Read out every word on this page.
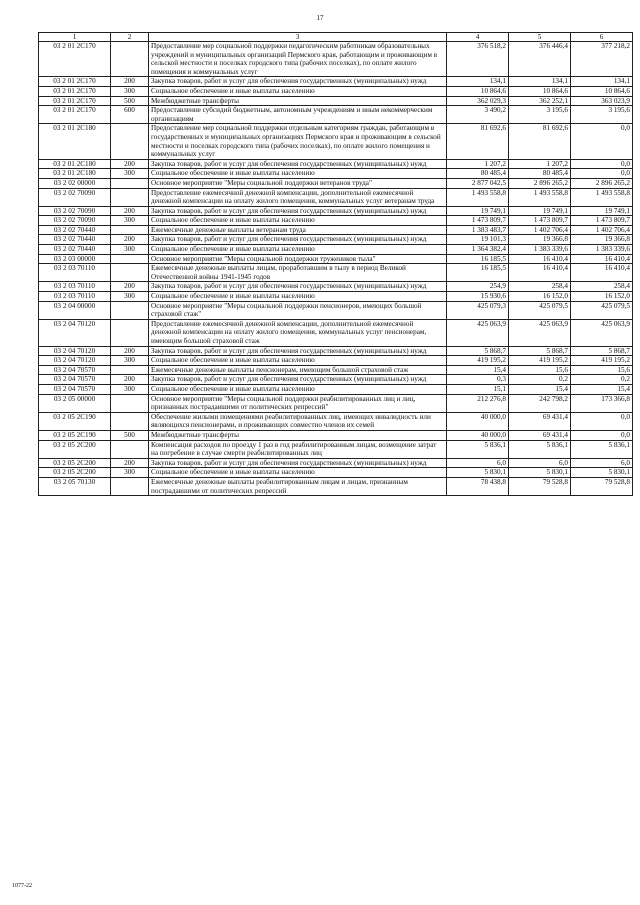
17
1	2	3	4	5	6
03 2 01 2С170		Предоставление мер социальной поддержки педагогическим работникам образовательных учреждений и муниципальных организаций Пермского края, работающим и проживающим в сельской местности и поселках городского типа (рабочих поселках), по оплате жилого помещения и коммунальных услуг	376 518,2	376 446,4	377 218,2
03 2 01 2С170	200	Закупка товаров, работ и услуг для обеспечения государственных (муниципальных) нужд	134,1	134,1	134,1
03 2 01 2С170	300	Социальное обеспечение и иные выплаты населению	10 864,6	10 864,6	10 864,6
03 2 01 2С170	500	Межбюджетные трансферты	362 029,3	362 252,1	363 023,9
03 2 01 2С170	600	Предоставление субсидий бюджетным, автономным учреждениям и иным некоммерческим организациям	3 490,2	3 195,6	3 195,6
03 2 01 2С180		Предоставление мер социальной поддержки отдельным категориям граждан, работающим в государственных и муниципальных организациях Пермского края и проживающим в сельской местности и поселках городского типа (рабочих поселках), по оплате жилого помещения и коммунальных услуг	81 692,6	81 692,6	0,0
03 2 01 2С180	200	Закупка товаров, работ и услуг для обеспечения государственных (муниципальных) нужд	1 207,2	1 207,2	0,0
03 2 01 2С180	300	Социальное обеспечение и иные выплаты населению	80 485,4	80 485,4	0,0
03 2 02 00000		Основное мероприятие "Меры социальной поддержки ветеранов труда"	2 877 042,5	2 896 265,2	2 896 265,2
03 2 02 70090		Предоставление ежемесячной денежной компенсации, дополнительной ежемесячной денежной компенсации на оплату жилого помещения, коммунальных услуг ветеранам труда	1 493 558,8	1 493 558,8	1 493 558,8
03 2 02 70090	200	Закупка товаров, работ и услуг для обеспечения государственных (муниципальных) нужд	19 749,1	19 749,1	19 749,1
03 2 02 70090	300	Социальное обеспечение и иные выплаты населению	1 473 809,7	1 473 809,7	1 473 809,7
03 2 02 70440		Ежемесячные денежные выплаты ветеранам труда	1 383 483,7	1 402 706,4	1 402 706,4
03 2 02 70440	200	Закупка товаров, работ и услуг для обеспечения государственных (муниципальных) нужд	19 101,3	19 366,8	19 366,8
03 2 02 70440	300	Социальное обеспечение и иные выплаты населению	1 364 382,4	1 383 339,6	1 383 339,6
03 2 03 00000		Основное мероприятие "Меры социальной поддержки тружеников тыла"	16 185,5	16 410,4	16 410,4
03 2 03 70110		Ежемесячные денежные выплаты лицам, проработавшим в тылу в период Великой Отечественной войны 1941-1945 годов	16 185,5	16 410,4	16 410,4
03 2 03 70110	200	Закупка товаров, работ и услуг для обеспечения государственных (муниципальных) нужд	254,9	258,4	258,4
03 2 03 70110	300	Социальное обеспечение и иные выплаты населению	15 930,6	16 152,0	16 152,0
03 2 04 00000		Основное мероприятие "Меры социальной поддержки пенсионеров, имеющих большой страховой стаж"	425 079,3	425 079,5	425 079,5
03 2 04 70120		Предоставление ежемесячной денежной компенсации, дополнительной ежемесячной денежной компенсации на оплату жилого помещения, коммунальных услуг пенсионерам, имеющим большой страховой стаж	425 063,9	425 063,9	425 063,9
03 2 04 70120	200	Закупка товаров, работ и услуг для обеспечения государственных (муниципальных) нужд	5 868,7	5 868,7	5 868,7
03 2 04 70120	300	Социальное обеспечение и иные выплаты населению	419 195,2	419 195,2	419 195,2
03 2 04 70570		Ежемесячные денежные выплаты пенсионерам, имеющим большой страховой стаж	15,4	15,6	15,6
03 2 04 70570	200	Закупка товаров, работ и услуг для обеспечения государственных (муниципальных) нужд	0,3	0,2	0,2
03 2 04 70570	300	Социальное обеспечение и иные выплаты населению	15,1	15,4	15,4
03 2 05 00000		Основное мероприятие "Меры социальной поддержки реабилитированных лиц и лиц, признанных пострадавшими от политических репрессий"	212 276,8	242 798,2	173 366,8
03 2 05 2С190		Обеспечение жилыми помещениями реабилитированных лиц, имеющих инвалидность или являющихся пенсионерами, и проживающих совместно членов их семей	40 000,0	69 431,4	0,0
03 2 05 2С190	500	Межбюджетные трансферты	40 000,0	69 431,4	0,0
03 2 05 2С200		Компенсация расходов по проезду 1 раз в год реабилитированным лицам, возмещение затрат на погребение в случае смерти реабилитированных лиц	5 836,1	5 836,1	5 836,1
03 2 05 2С200	200	Закупка товаров, работ и услуг для обеспечения государственных (муниципальных) нужд	6,0	6,0	6,0
03 2 05 2С200	300	Социальное обеспечение и иные выплаты населению	5 830,1	5 830,1	5 830,1
03 2 05 70130		Ежемесячные денежные выплаты реабилитированным лицам и лицам, признанным пострадавшими от политических репрессий	78 438,8	79 528,8	79 528,8
1077-22
